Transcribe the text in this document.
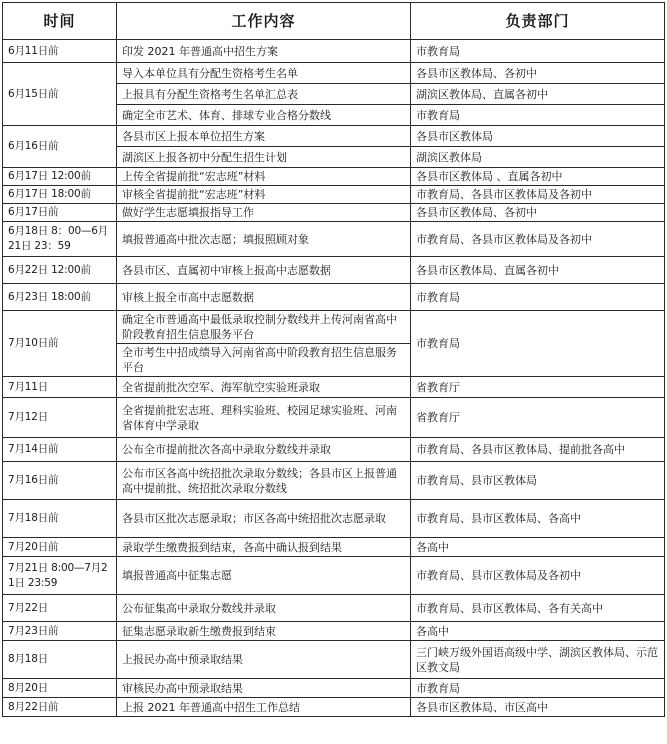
时间	工作内容	负责部门
6月11日前	印发 2021 年普通高中招生方案	市教育局
6月15日前	导入本单位具有分配生资格考生名单	各县市区教体局、各初中
	上报具有分配生资格考生名单汇总表	湖滨区教体局、直属各初中
	确定全市艺术、体育、排球专业合格分数线	市教育局
6月16日前	各县市区上报本单位招生方案	各县市区教体局
	湖滨区上报各初中分配生招生计划	湖滨区教体局
6月17日 12:00前	上传全省提前批“宏志班”材料	各县市区教体局 、直属各初中
6月17日 18:00前	审核全省提前批“宏志班”材料	市教育局、各县市区教体局及各初中
6月17日前	做好学生志愿填报指导工作	各县市区教体局、各初中
6月18日 8：00—6月21日 23：59	填报普通高中批次志愿；填报照顾对象	市教育局、各县市区教体局及各初中
6月22日 12:00前	各县市区、直属初中审核上报高中志愿数据	各县市区教体局、直属各初中
6月23日 18:00前	审核上报全市高中志愿数据	市教育局
7月10日前	确定全市普通高中最低录取控制分数线并上传河南省高中阶段教育招生信息服务平台	市教育局
	全市考生中招成绩导入河南省高中阶段教育招生信息服务平台	
7月11日	全省提前批次空军、海军航空实验班录取	省教育厅
7月12日	全省提前批宏志班、理科实验班、校园足球实验班、河南省体育中学录取	省教育厅
7月14日前	公布全市提前批次各高中录取分数线并录取	市教育局、各县市区教体局、提前批各高中
7月16日前	公布市区各高中统招批次录取分数线；各县市区上报普通高中提前批、统招批次录取分数线	市教育局、县市区教体局
7月18日前	各县市区批次志愿录取；市区各高中统招批次志愿录取	市教育局、县市区教体局、各高中
7月20日前	录取学生缴费报到结束，各高中确认报到结果	各高中
7月21日 8:00—7月21日 23:59	填报普通高中征集志愿	市教育局、县市区教体局及各初中
7月22日	公布征集高中录取分数线并录取	市教育局、县市区教体局、各有关高中
7月23日前	征集志愿录取新生缴费报到结束	各高中
8月18日	上报民办高中预录取结果	三门峡万级外国语高级中学、湖滨区教体局、示范区教文局
8月20日	审核民办高中预录取结果	市教育局
8月22日前	上报 2021 年普通高中招生工作总结	各县市区教体局、市区高中
